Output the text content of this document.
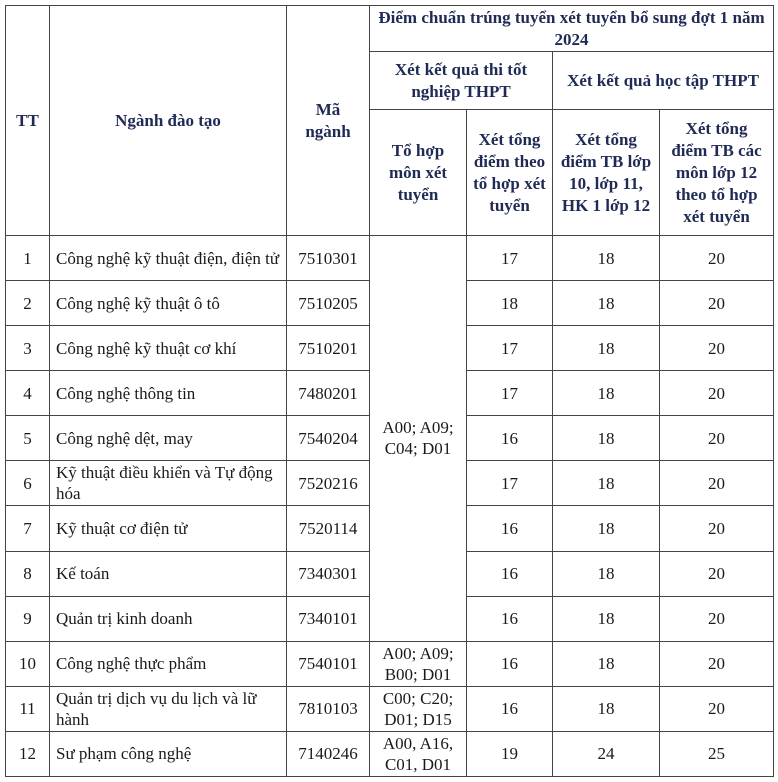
TT	Ngành đào tạo	Mã ngành	Điểm chuẩn trúng tuyển xét tuyển bổ sung đợt 1 năm 2024			
			Xét kết quả thi tốt nghiệp THPT		Xét kết quả học tập THPT	
			Tổ hợp môn xét tuyển	Xét tổng điểm theo tổ hợp xét tuyển	Xét tổng điểm TB lớp 10, lớp 11, HK 1 lớp 12	Xét tổng điểm TB các môn lớp 12 theo tổ hợp xét tuyển
1	Công nghệ kỹ thuật điện, điện tử	7510301	A00; A09; C04; D01	17	18	20
2	Công nghệ kỹ thuật ô tô	7510205		18	18	20
3	Công nghệ kỹ thuật cơ khí	7510201		17	18	20
4	Công nghệ thông tin	7480201		17	18	20
5	Công nghệ dệt, may	7540204		16	18	20
6	Kỹ thuật điều khiển và Tự động hóa	7520216		17	18	20
7	Kỹ thuật cơ điện tử	7520114		16	18	20
8	Kế toán	7340301		16	18	20
9	Quản trị kinh doanh	7340101		16	18	20
10	Công nghệ thực phẩm	7540101	A00; A09; B00; D01	16	18	20
11	Quản trị dịch vụ du lịch và lữ hành	7810103	C00; C20; D01; D15	16	18	20
12	Sư phạm công nghệ	7140246	A00, A16, C01, D01	19	24	25
